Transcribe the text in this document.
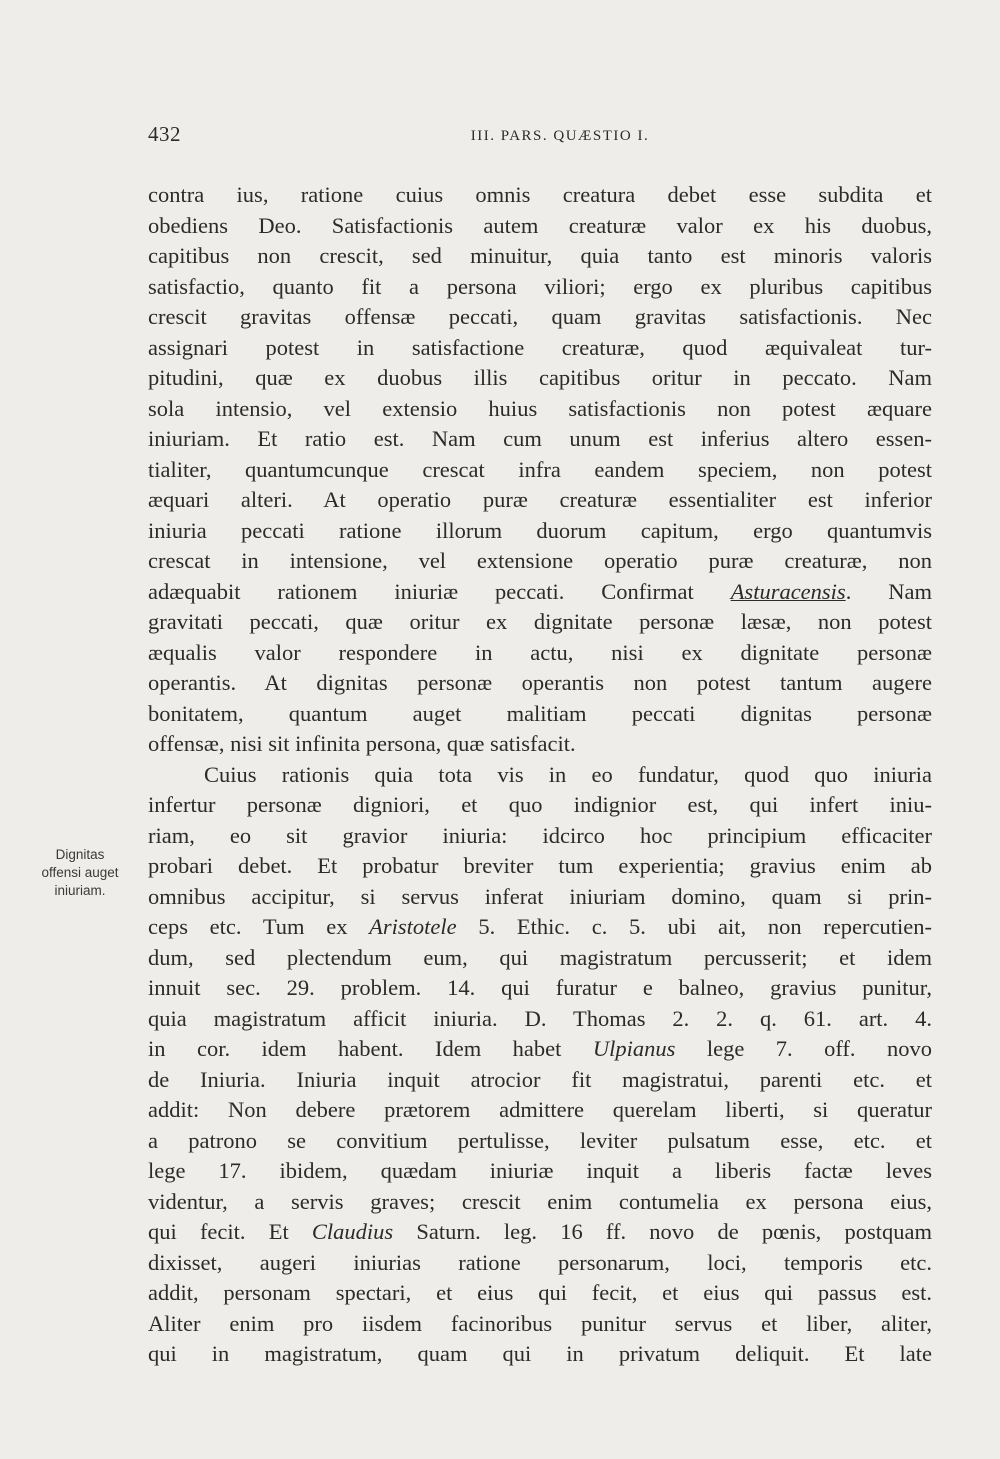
432	III. PARS. QUÆSTIO I.
Dignitas
offensi auget
iniuriam.
contra ius, ratione cuius omnis creatura debet esse subdita et
obediens Deo. Satisfactionis autem creaturæ valor ex his duobus,
capitibus non crescit, sed minuitur, quia tanto est minoris valoris
satisfactio, quanto fit a persona viliori; ergo ex pluribus capitibus
crescit gravitas offensæ peccati, quam gravitas satisfactionis. Nec
assignari potest in satisfactione creaturæ, quod æquivaleat tur-
pitudini, quæ ex duobus illis capitibus oritur in peccato. Nam
sola intensio, vel extensio huius satisfactionis non potest æquare
iniuriam. Et ratio est. Nam cum unum est inferius altero essen-
tialiter, quantumcunque crescat infra eandem speciem, non potest
æquari alteri. At operatio puræ creaturæ essentialiter est inferior
iniuria peccati ratione illorum duorum capitum, ergo quantumvis
crescat in intensione, vel extensione operatio puræ creaturæ, non
adæquabit rationem iniuriæ peccati. Confirmat Asturacensis. Nam
gravitati peccati, quæ oritur ex dignitate personæ læsæ, non potest
æqualis valor respondere in actu, nisi ex dignitate personæ
operantis. At dignitas personæ operantis non potest tantum augere
bonitatem, quantum auget malitiam peccati dignitas personæ
offensæ, nisi sit infinita persona, quæ satisfacit.
Cuius rationis quia tota vis in eo fundatur, quod quo iniuria
infertur personæ digniori, et quo indignior est, qui infert iniu-
riam, eo sit gravior iniuria: idcirco hoc principium efficaciter
probari debet. Et probatur breviter tum experientia; gravius enim ab
omnibus accipitur, si servus inferat iniuriam domino, quam si prin-
ceps etc. Tum ex Aristotele 5. Ethic. c. 5. ubi ait, non repercutien-
dum, sed plectendum eum, qui magistratum percusserit; et idem
innuit sec. 29. problem. 14. qui furatur e balneo, gravius punitur,
quia magistratum afficit iniuria. D. Thomas 2. 2. q. 61. art. 4.
in cor. idem habent. Idem habet Ulpianus lege 7. off. novo
de Iniuria. Iniuria inquit atrocior fit magistratui, parenti etc. et
addit: Non debere prætorem admittere querelam liberti, si queratur
a patrono se convitium pertulisse, leviter pulsatum esse, etc. et
lege 17. ibidem, quædam iniuriæ inquit a liberis factæ leves
videntur, a servis graves; crescit enim contumelia ex persona eius,
qui fecit. Et Claudius Saturn. leg. 16 ff. novo de pœnis, postquam
dixisset, augeri iniurias ratione personarum, loci, temporis etc.
addit, personam spectari, et eius qui fecit, et eius qui passus est.
Aliter enim pro iisdem facinoribus punitur servus et liber, aliter,
qui in magistratum, quam qui in privatum deliquit. Et late
